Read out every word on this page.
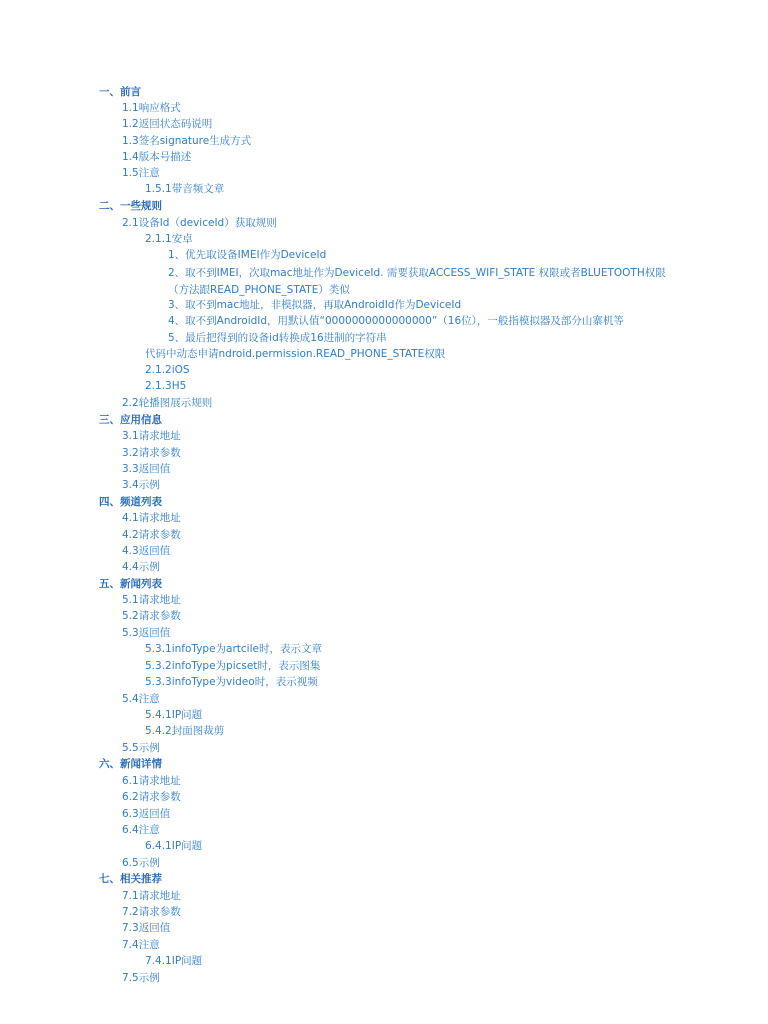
一、前言
1.1响应格式
1.2返回状态码说明
1.3签名signature生成方式
1.4版本号描述
1.5注意
1.5.1带音频文章
二、一些规则
2.1设备Id（deviceId）获取规则
2.1.1安卓
1、优先取设备IMEI作为DeviceId
2、取不到IMEI，次取mac地址作为DeviceId. 需要获取ACCESS_WIFI_STATE 权限或者BLUETOOTH权限（方法跟READ_PHONE_STATE）类似
3、取不到mac地址，非模拟器，再取AndroidId作为DeviceId
4、取不到AndroidId，用默认值“0000000000000000”（16位），一般指模拟器及部分山寨机等
5、最后把得到的设备id转换成16进制的字符串
代码中动态申请ndroid.permission.READ_PHONE_STATE权限
2.1.2iOS
2.1.3H5
2.2轮播图展示规则
三、应用信息
3.1请求地址
3.2请求参数
3.3返回值
3.4示例
四、频道列表
4.1请求地址
4.2请求参数
4.3返回值
4.4示例
五、新闻列表
5.1请求地址
5.2请求参数
5.3返回值
5.3.1infoType为artcile时，表示文章
5.3.2infoType为picset时，表示图集
5.3.3infoType为video时，表示视频
5.4注意
5.4.1IP问题
5.4.2封面图裁剪
5.5示例
六、新闻详情
6.1请求地址
6.2请求参数
6.3返回值
6.4注意
6.4.1IP问题
6.5示例
七、相关推荐
7.1请求地址
7.2请求参数
7.3返回值
7.4注意
7.4.1IP问题
7.5示例
